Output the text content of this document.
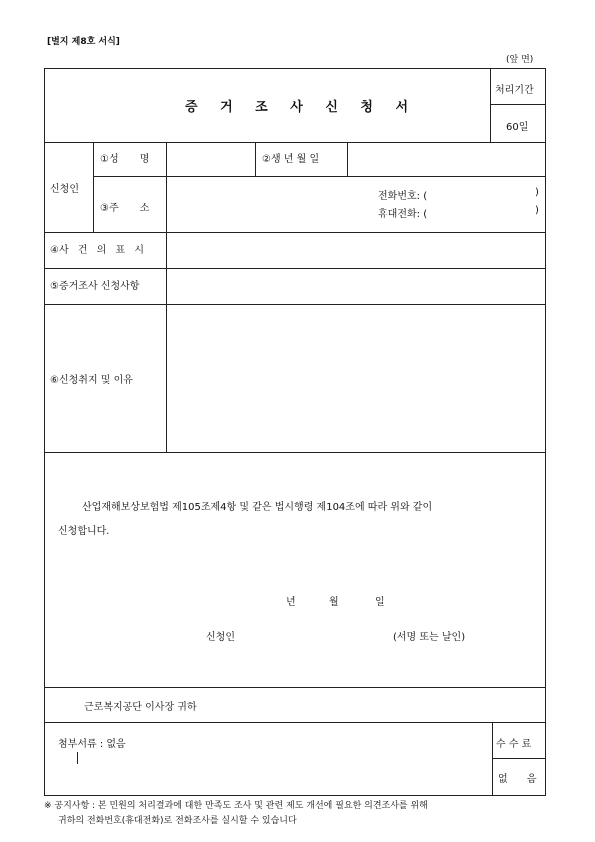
[별지 제8호 서식]
(앞 면)
증 거 조 사 신 청 서
처리기간
60일
신청인
①성 명	②생 년 월 일
③주 소
전화번호: (	)
휴대전화: (	)
④사 건 의 표 시
⑤증거조사 신청사항
⑥신청취지 및 이유
산업재해보상보험법 제105조제4항 및 같은 법시행령 제104조에 따라 위와 같이
신청합니다.
년	월	일
신청인	(서명 또는 날인)
근로복지공단 이사장 귀하
첨부서류 : 없음	수 수 료
없 음
※ 공지사항 : 본 민원의 처리결과에 대한 만족도 조사 및 관련 제도 개선에 필요한 의견조사를 위해
귀하의 전화번호(휴대전화)로 전화조사를 실시할 수 있습니다
